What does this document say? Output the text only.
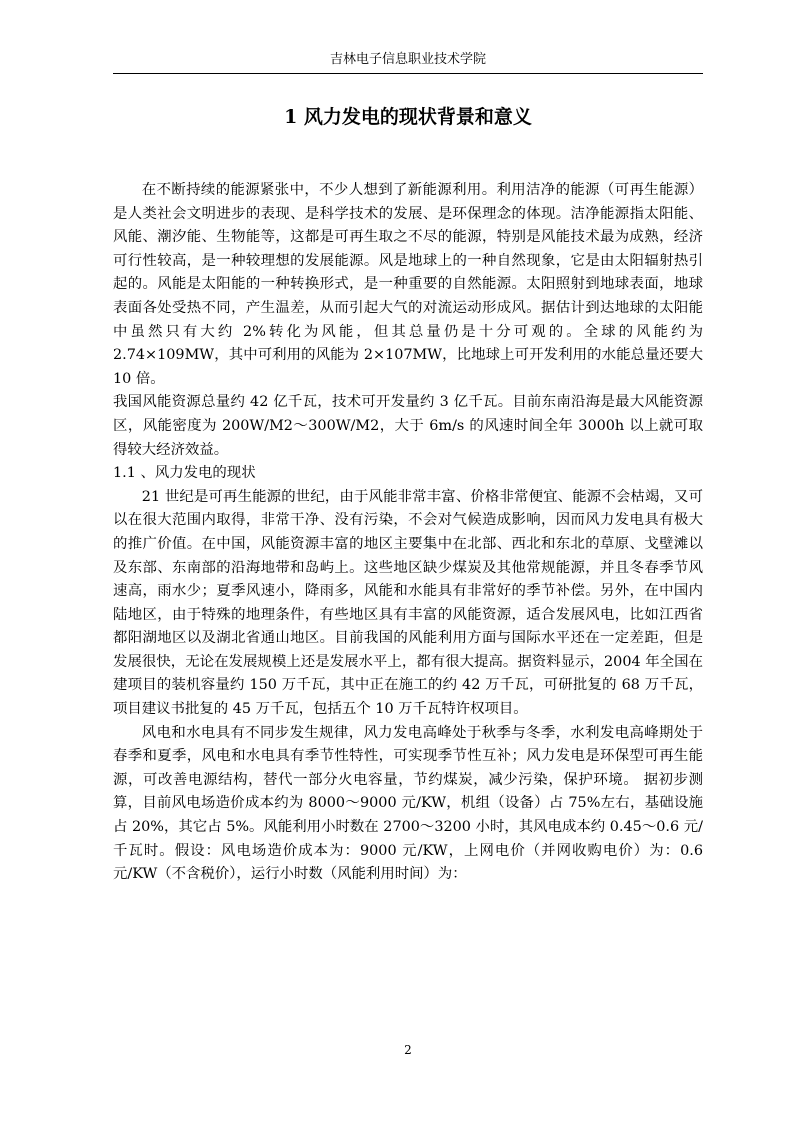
吉林电子信息职业技术学院
1 风力发电的现状背景和意义

在不断持续的能源紧张中，不少人想到了新能源利用。利用洁净的能源（可再生能源）是人类社会文明进步的表现、是科学技术的发展、是环保理念的体现。洁净能源指太阳能、风能、潮汐能、生物能等，这都是可再生取之不尽的能源，特别是风能技术最为成熟，经济可行性较高，是一种较理想的发展能源。风是地球上的一种自然现象，它是由太阳辐射热引起的。风能是太阳能的一种转换形式，是一种重要的自然能源。太阳照射到地球表面，地球表面各处受热不同，产生温差，从而引起大气的对流运动形成风。据估计到达地球的太阳能中虽然只有大约 2%转化为风能，但其总量仍是十分可观的。全球的风能约为 2.74×109MW，其中可利用的风能为 2×107MW，比地球上可开发利用的水能总量还要大 10 倍。

我国风能资源总量约 42 亿千瓦，技术可开发量约 3 亿千瓦。目前东南沿海是最大风能资源区，风能密度为 200W/M2～300W/M2，大于 6m/s 的风速时间全年 3000h 以上就可取得较大经济效益。

1.1 、风力发电的现状

21 世纪是可再生能源的世纪，由于风能非常丰富、价格非常便宜、能源不会枯竭，又可以在很大范围内取得，非常干净、没有污染，不会对气候造成影响，因而风力发电具有极大的推广价值。在中国，风能资源丰富的地区主要集中在北部、西北和东北的草原、戈壁滩以及东部、东南部的沿海地带和岛屿上。这些地区缺少煤炭及其他常规能源，并且冬春季节风速高，雨水少；夏季风速小，降雨多，风能和水能具有非常好的季节补偿。另外，在中国内陆地区，由于特殊的地理条件，有些地区具有丰富的风能资源，适合发展风电，比如江西省都阳湖地区以及湖北省通山地区。目前我国的风能利用方面与国际水平还在一定差距，但是发展很快，无论在发展规模上还是发展水平上，都有很大提高。据资料显示，2004 年全国在建项目的装机容量约 150 万千瓦，其中正在施工的约 42 万千瓦，可研批复的 68 万千瓦，项目建议书批复的 45 万千瓦，包括五个 10 万千瓦特许权项目。

风电和水电具有不同步发生规律，风力发电高峰处于秋季与冬季，水利发电高峰期处于春季和夏季，风电和水电具有季节性特性，可实现季节性互补；风力发电是环保型可再生能源，可改善电源结构，替代一部分火电容量，节约煤炭，减少污染，保护环境。 据初步测算，目前风电场造价成本约为 8000～9000 元/KW，机组（设备）占 75%左右，基础设施占 20%，其它占 5%。风能利用小时数在 2700～3200 小时，其风电成本约 0.45～0.6 元/千瓦时。假设：风电场造价成本为：9000 元/KW，上网电价（并网收购电价）为：0.6 元/KW（不含税价），运行小时数（风能利用时间）为：

2
